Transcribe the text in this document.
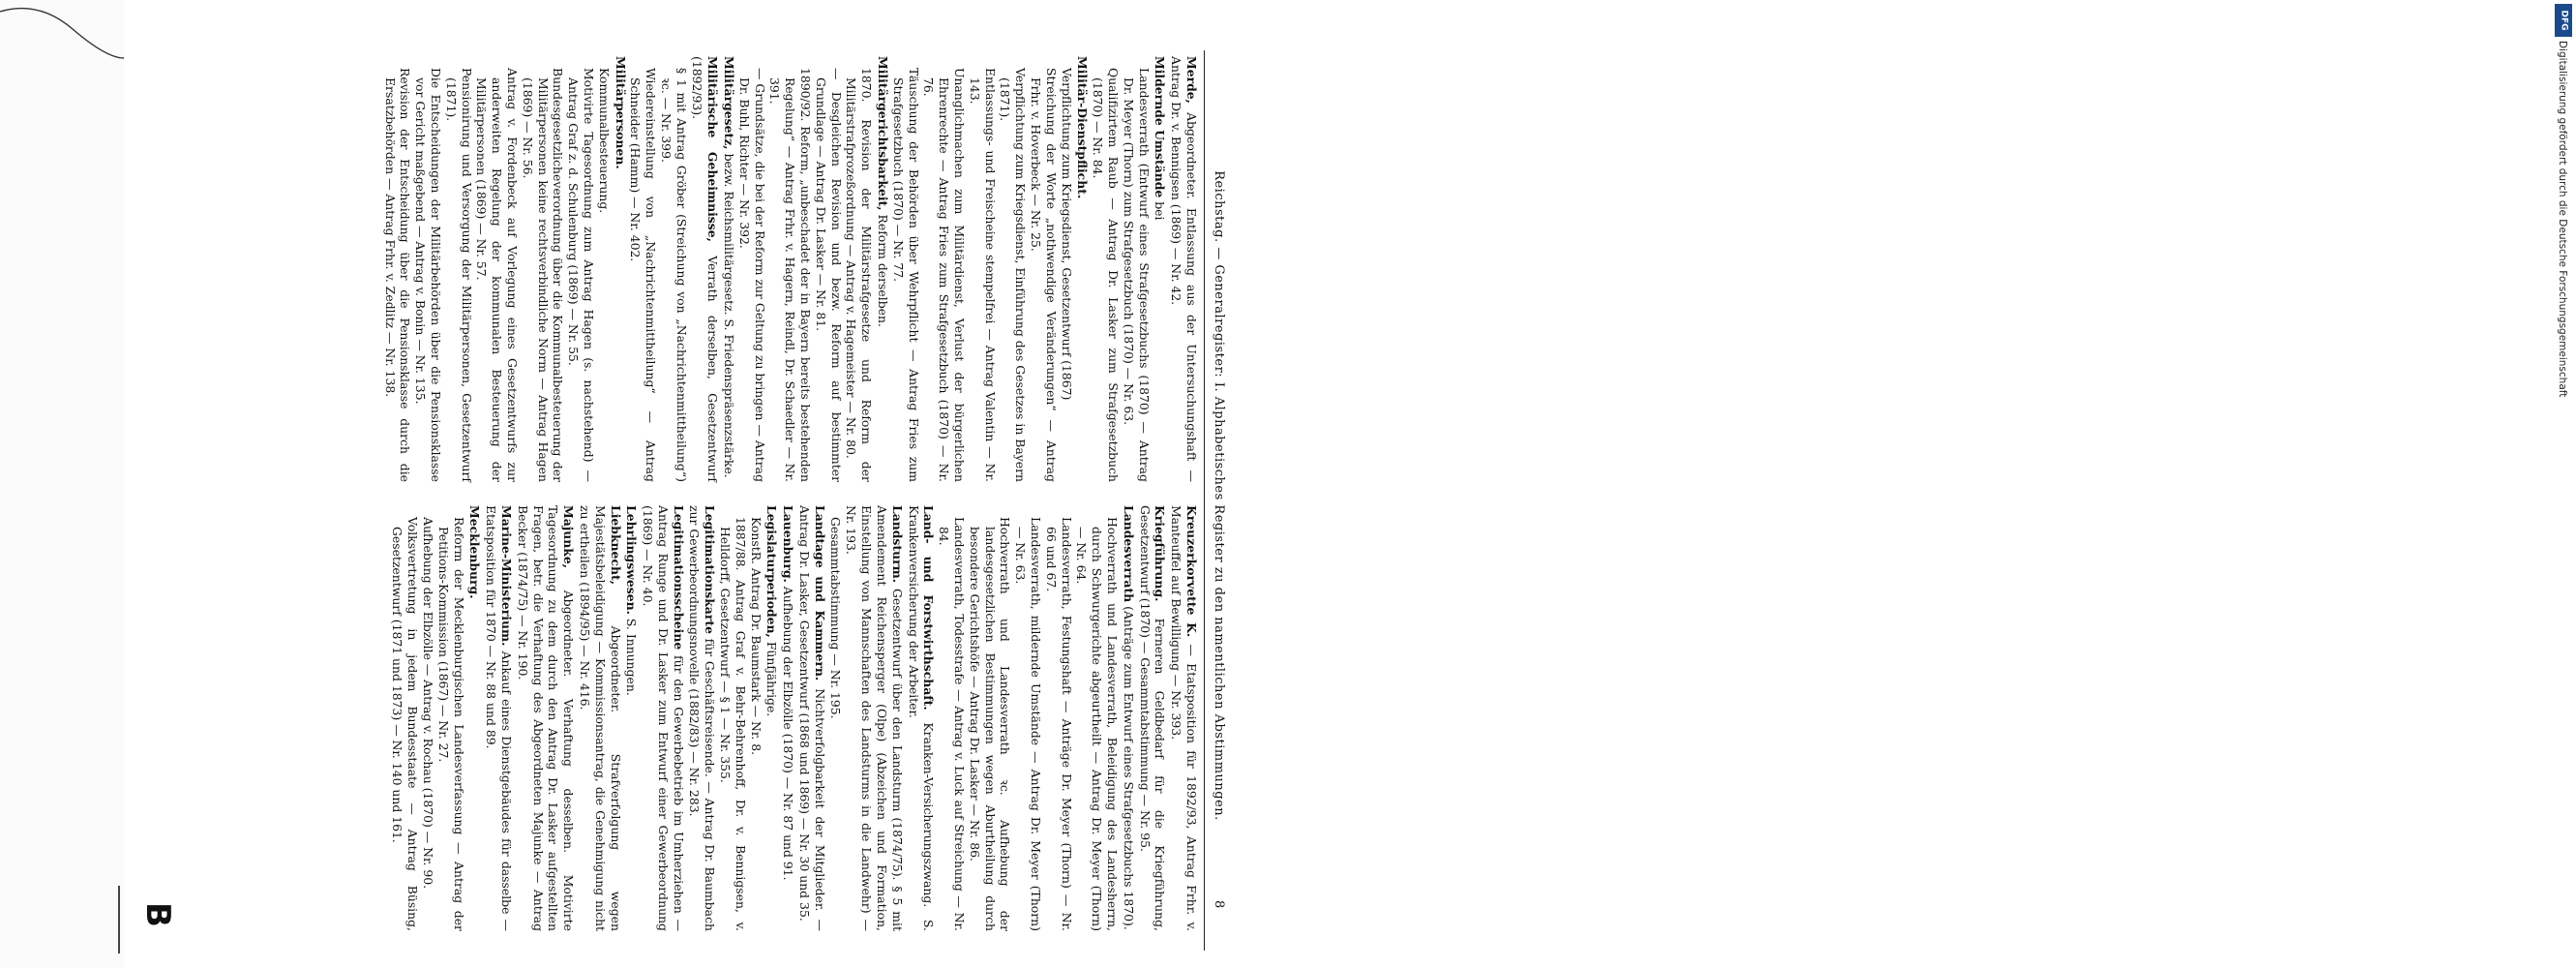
DFG
Digitalisierung gefördert durch die Deutsche Forschungsgemeinschaft
Reichstag. — Generalregister: I. Alphabetisches Register zu den namentlichen Abstimmungen.
8
Kreuzerkorvette K. — Etatsposition für 1892/93, Antrag Frhr. v. Manteuffel auf Bewilligung — Nr. 393.
Kriegführung. Ferneren Geldbedarf für die Kriegführung, Gesetzentwurf (1870) — Gesammtabstimmung — Nr. 95.
Landesverrath (Anträge zum Entwurf eines Strafgesetzbuchs 1870).
Hochverrath und Landesverrath, Beleidigung des Landesherrn, durch Schwurgerichte abgeurtheilt — Antrag Dr. Meyer (Thorn) — Nr. 64.
Landesverrath, Festungshaft — Anträge Dr. Meyer (Thorn) — Nr. 66 und 67.
Landesverrath, mildernde Umstände — Antrag Dr. Meyer (Thorn) — Nr. 63.
Hochverrath und Landesverrath ꝛc. Aufhebung der landesgesetzlichen Bestimmungen wegen Aburtheilung durch besondere Gerichtshöfe — Antrag Dr. Lasker — Nr. 86.
Landesverrath, Todesstrafe — Antrag v. Luck auf Streichung — Nr. 84.
Land- und Forstwirthschaft. Kranken-Versicherungszwang. S. Krankenversicherung der Arbeiter.
Landsturm. Gesetzentwurf über den Landsturm (1874/75). § 5 mit Amendement Reichensperger (Olpe) (Abzeichen und Formation, Einstellung von Mannschaften des Landsturms in die Landwehr) — Nr. 193.
Gesammtabstimmung — Nr. 195.
Landtage und Kammern. Nichtverfolgbarkeit der Mitglieder. — Antrag Dr. Lasker, Gesetzentwurf (1868 und 1869) — Nr. 30 und 35.
Lauenburg. Aufhebung der Elbzölle (1870) — Nr. 87 und 91.
Legislaturperioden, Fünfjährige.
KonstR. Antrag Dr. Baumstark — Nr. 8.
1887/88. Antrag Graf v. Behr-Behrenhoff, Dr. v. Bennigsen, v. Helldorff, Gesetzentwurf — § 1 — Nr. 355.
Legitimationskarte für Geschäftsreisende. — Antrag Dr. Baumbach zur Gewerbeordnungsnovelle (1882/83) — Nr. 283.
Legitimationsscheine für den Gewerbebetrieb im Umherziehen — Antrag Runge und Dr. Lasker zum Entwurf einer Gewerbeordnung (1869) — Nr. 40.
Lehrlingswesen. S. Innungen.
Liebknecht, Abgeordneter. Strafverfolgung wegen Majestätsbeleidigung — Kommissionsantrag, die Genehmigung nicht zu ertheilen (1894/95) — Nr. 416.
Majunke, Abgeordneter. Verhaftung desselben. Motivirte Tagesordnung zu dem durch den Antrag Dr. Lasker aufgestellten Fragen, betr. die Verhaftung des Abgeordneten Majunke — Antrag Becker (1874/75) — Nr. 190.
Marine-Ministerium. Ankauf eines Dienstgebäudes für dasselbe — Etatsposition für 1870 — Nr. 88 und 89.
Mecklenburg.
Reform der Mecklenburgischen Landesverfassung — Antrag der Petitions-Kommission (1867) — Nr. 27.
Aufhebung der Elbzölle — Antrag v. Rochau (1870) — Nr. 90.
Volksvertretung in jedem Bundesstaate — Antrag Büsing, Gesetzentwurf (1871 und 1873) — Nr. 140 und 161.
Merde, Abgeordneter. Entlassung aus der Untersuchungshaft — Antrag Dr. v. Bennigsen (1869) — Nr. 42.
Mildernde Umstände bei
Landesverrath (Entwurf eines Strafgesetzbuchs (1870) — Antrag Dr. Meyer (Thorn) zum Strafgesetzbuch (1870) — Nr. 63.
Qualifizirtem Raub — Antrag Dr. Lasker zum Strafgesetzbuch (1870) — Nr. 84.
Militär-Dienstpflicht.
Verpflichtung zum Kriegsdienst, Gesetzentwurf (1867)
Streichung der Worte „nothwendige Veränderungen“ — Antrag Frhr. v. Hoverbeck — Nr. 25.
Verpflichtung zum Kriegsdienst, Einführung des Gesetzes in Bayern (1871).
Entlassungs- und Freischeine stempelfrei — Antrag Valentin — Nr. 143.
Unanglichmachen zum Militärdienst, Verlust der bürgerlichen Ehrenrechte — Antrag Fries zum Strafgesetzbuch (1870) — Nr. 76.
Täuschung der Behörden über Wehrpflicht — Antrag Fries zum Strafgesetzbuch (1870) — Nr. 77.
Militärgerichtsbarkeit, Reform derselben.
1870. Revision der Militärstrafgesetze und Reform der Militärstrafprozeßordnung — Antrag v. Hagemeister — Nr. 80.
— Desgleichen Revision und bezw. Reform auf bestimmter Grundlage — Antrag Dr. Lasker — Nr. 81.
1890/92. Reform, „unbeschadet der in Bayern bereits bestehenden Regelung“ — Antrag Frhr. v. Hagern, Reindl, Dr. Schaedler — Nr. 391.
— Grundsätze, die bei der Reform zur Geltung zu bringen — Antrag Dr. Buhl, Richter — Nr. 392.
Militärgesetz, bezw. Reichsmilitärgesetz. S. Friedenspräsenzstärke.
Militärische Geheimnisse, Verrath derselben, Gesetzentwurf (1892/93).
§ 1 mit Antrag Gröber (Streichung von „Nachrichtenmittheilung“) ꝛc. — Nr. 399.
Wiedereinstellung von „Nachrichtenmittheilung“ — Antrag Schneider (Hamm) — Nr. 402.
Militärpersonen.
Kommunalbesteuerung.
Motivirte Tagesordnung zum Antrag Hagen (s. nachstehend) — Antrag Graf z. d. Schulenburg (1869) — Nr. 55.
Bundesgesetzlicheverordnung über die Kommunalbesteuerung der Militärpersonen keine rechtsverbindliche Norm — Antrag Hagen (1869) — Nr. 56.
Antrag v. Fordenbeck auf Vorlegung eines Gesetzentwurfs zur anderweiten Regelung der kommunalen Besteuerung der Militärpersonen (1869) — Nr. 57.
Pensionirung und Versorgung der Militärpersonen, Gesetzentwurf (1871).
Die Entscheidungen der Militärbehörden über die Pensionsklasse vor Gericht maßgebend — Antrag v. Bonin — Nr. 135.
Revision der Entscheidung über die Pensionsklasse durch die Ersatzbehörden — Antrag Frhr. v. Zedlitz — Nr. 138.
B
